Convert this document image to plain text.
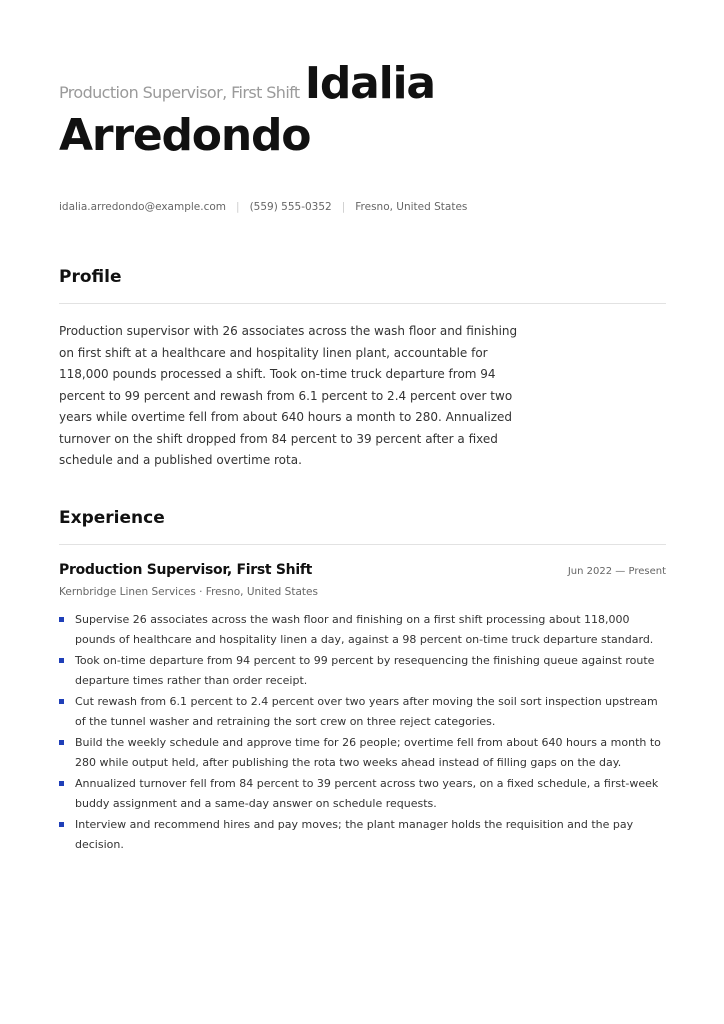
Production Supervisor, First Shift Idalia
Arredondo
idalia.arredondo@example.com | (559) 555-0352 | Fresno, United States
Profile
Production supervisor with 26 associates across the wash floor and finishing on first shift at a healthcare and hospitality linen plant, accountable for 118,000 pounds processed a shift. Took on-time truck departure from 94 percent to 99 percent and rewash from 6.1 percent to 2.4 percent over two years while overtime fell from about 640 hours a month to 280. Annualized turnover on the shift dropped from 84 percent to 39 percent after a fixed schedule and a published overtime rota.
Experience
Production Supervisor, First Shift	Jun 2022 — Present
Kernbridge Linen Services · Fresno, United States
Supervise 26 associates across the wash floor and finishing on a first shift processing about 118,000 pounds of healthcare and hospitality linen a day, against a 98 percent on-time truck departure standard.
Took on-time departure from 94 percent to 99 percent by resequencing the finishing queue against route departure times rather than order receipt.
Cut rewash from 6.1 percent to 2.4 percent over two years after moving the soil sort inspection upstream of the tunnel washer and retraining the sort crew on three reject categories.
Build the weekly schedule and approve time for 26 people; overtime fell from about 640 hours a month to 280 while output held, after publishing the rota two weeks ahead instead of filling gaps on the day.
Annualized turnover fell from 84 percent to 39 percent across two years, on a fixed schedule, a first-week buddy assignment and a same-day answer on schedule requests.
Interview and recommend hires and pay moves; the plant manager holds the requisition and the pay decision.
